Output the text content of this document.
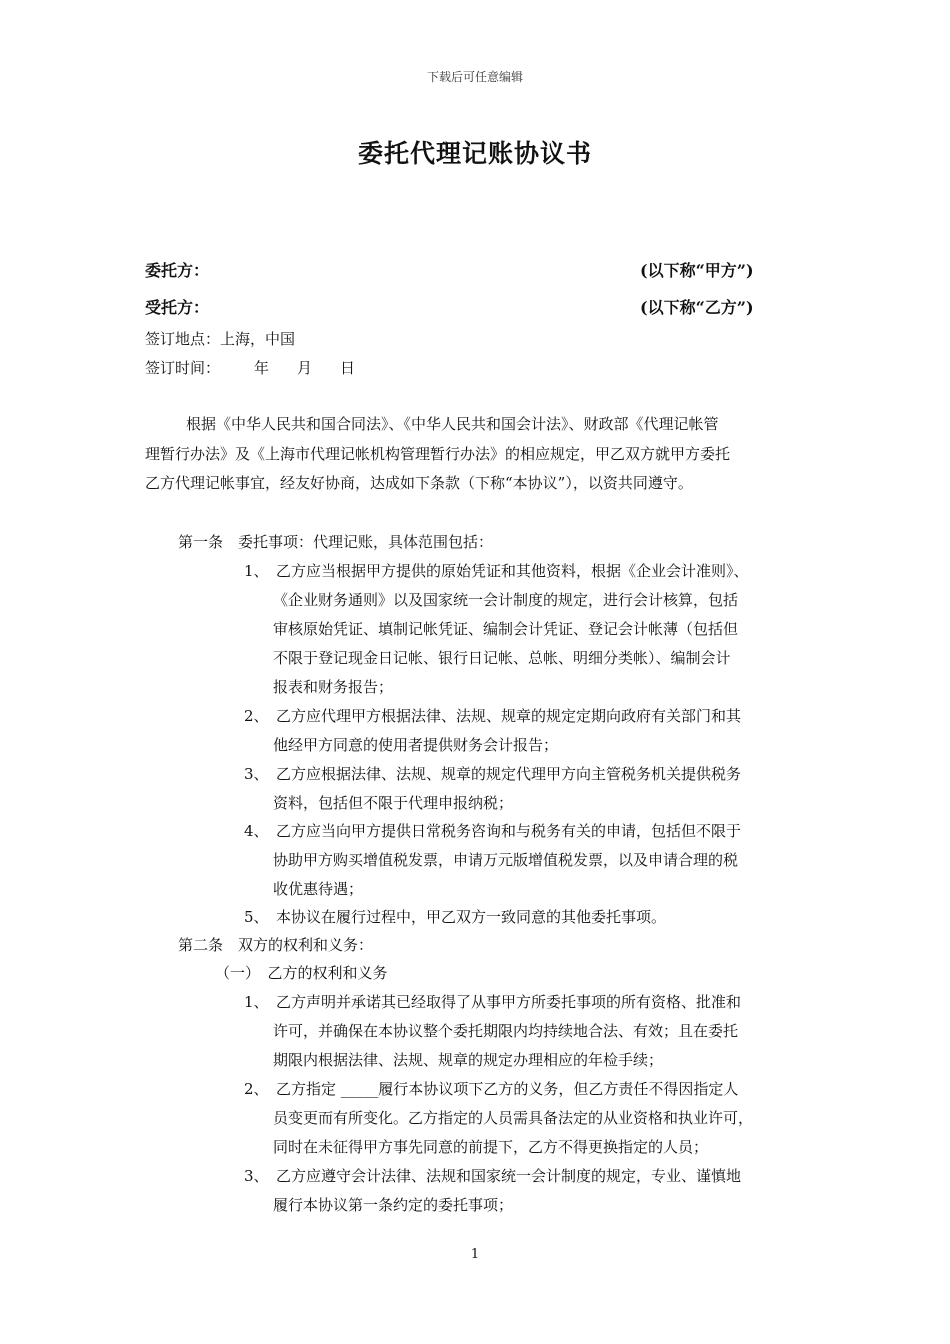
下载后可任意编辑
委托代理记账协议书
委托方：	(以下称“甲方”)
受托方：	(以下称“乙方”)
签订地点：上海，中国
签订时间： 年 月 日
根据《中华人民共和国合同法》、《中华人民共和国会计法》、财政部《代理记帐管
理暂行办法》及《上海市代理记帐机构管理暂行办法》的相应规定，甲乙双方就甲方委托
乙方代理记帐事宜，经友好协商，达成如下条款（下称“本协议”），以资共同遵守。
第一条　委托事项：代理记账，具体范围包括：
1、　乙方应当根据甲方提供的原始凭证和其他资料，根据《企业会计准则》、
《企业财务通则》以及国家统一会计制度的规定，进行会计核算，包括
审核原始凭证、填制记帐凭证、编制会计凭证、登记会计帐薄（包括但
不限于登记现金日记帐、银行日记帐、总帐、明细分类帐）、编制会计
报表和财务报告；
2、　乙方应代理甲方根据法律、法规、规章的规定定期向政府有关部门和其
他经甲方同意的使用者提供财务会计报告；
3、　乙方应根据法律、法规、规章的规定代理甲方向主管税务机关提供税务
资料，包括但不限于代理申报纳税；
4、　乙方应当向甲方提供日常税务咨询和与税务有关的申请，包括但不限于
协助甲方购买增值税发票，申请万元版增值税发票，以及申请合理的税
收优惠待遇；
5、　本协议在履行过程中，甲乙双方一致同意的其他委托事项。
第二条　双方的权利和义务：
（一）　乙方的权利和义务
1、　乙方声明并承诺其已经取得了从事甲方所委托事项的所有资格、批准和
许可，并确保在本协议整个委托期限内均持续地合法、有效；且在委托
期限内根据法律、法规、规章的规定办理相应的年检手续；
2、　乙方指定 _____履行本协议项下乙方的义务，但乙方责任不得因指定人
员变更而有所变化。乙方指定的人员需具备法定的从业资格和执业许可，
同时在未征得甲方事先同意的前提下，乙方不得更换指定的人员；
3、　乙方应遵守会计法律、法规和国家统一会计制度的规定，专业、谨慎地
履行本协议第一条约定的委托事项；
1
